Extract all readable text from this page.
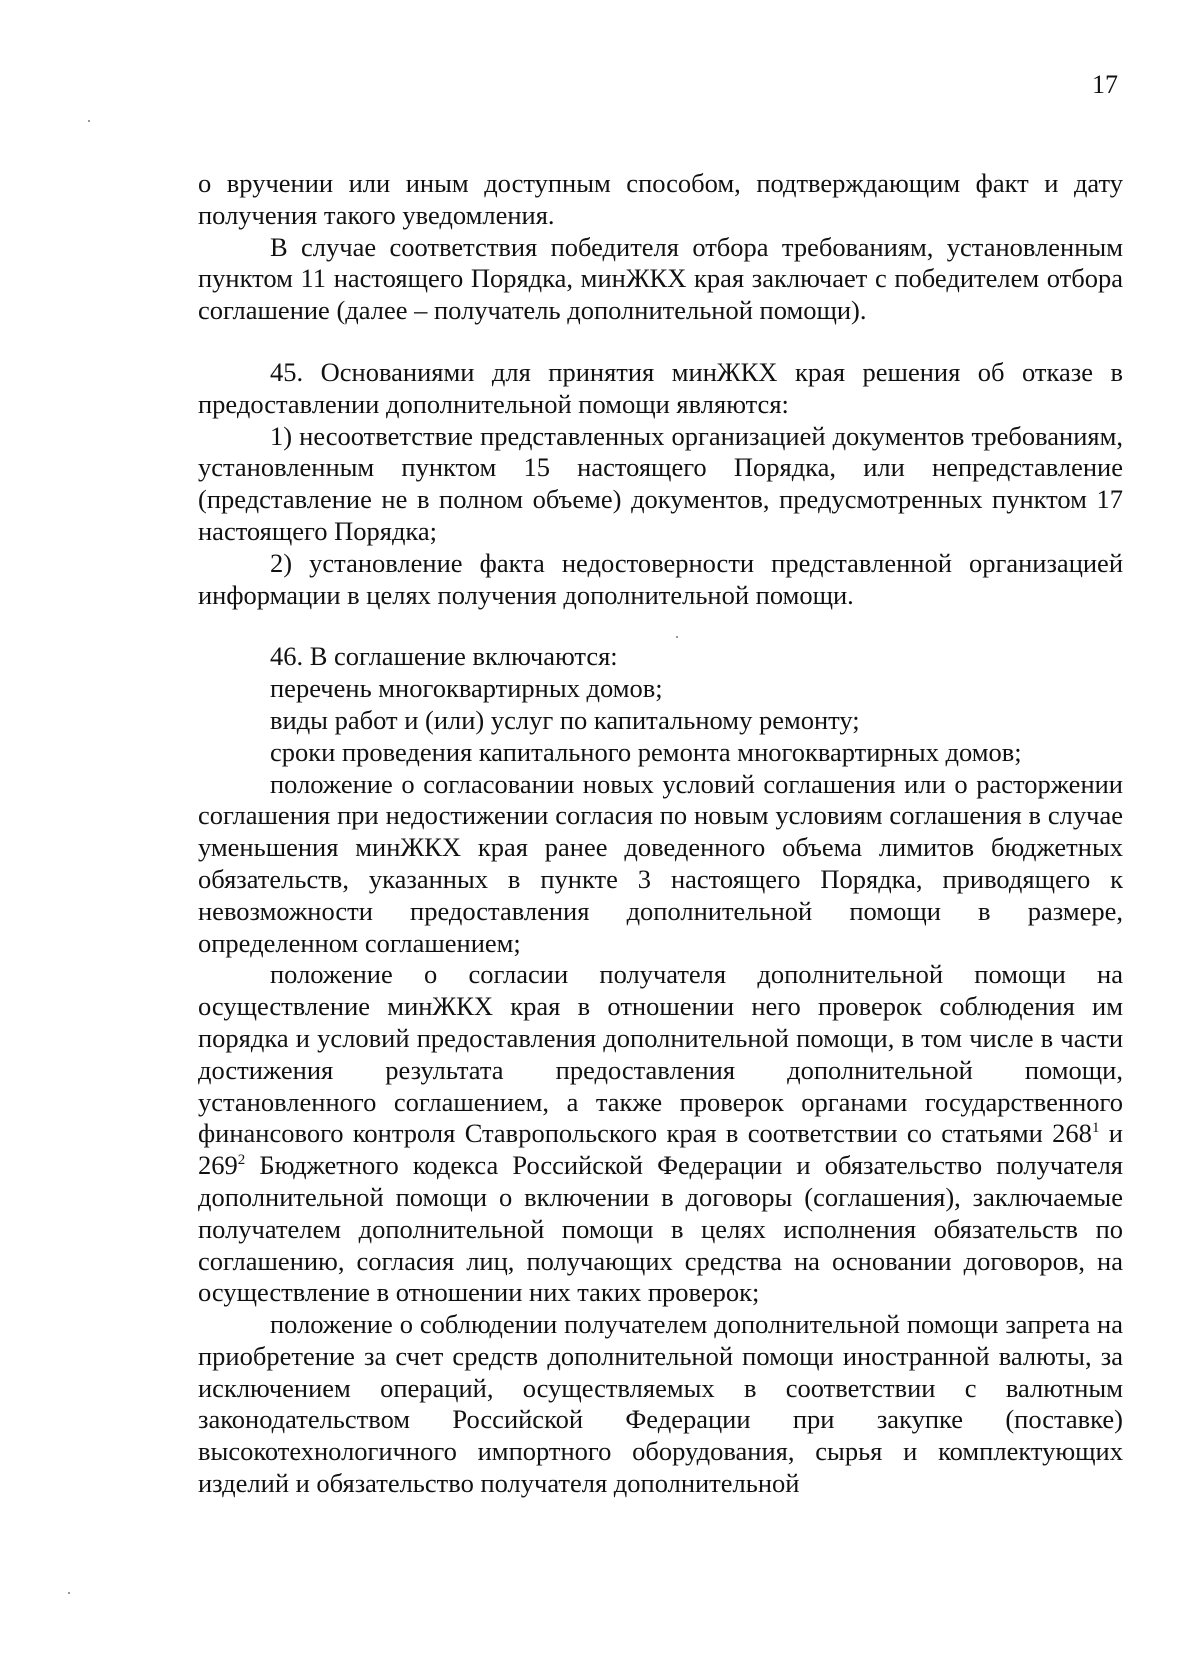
17

о вручении или иным доступным способом, подтверждающим факт и дату получения такого уведомления.

В случае соответствия победителя отбора требованиям, установленным пунктом 11 настоящего Порядка, минЖКХ края заключает с победителем отбора соглашение (далее – получатель дополнительной помощи).

45. Основаниями для принятия минЖКХ края решения об отказе в предоставлении дополнительной помощи являются:

1) несоответствие представленных организацией документов требованиям, установленным пунктом 15 настоящего Порядка, или непредставление (представление не в полном объеме) документов, предусмотренных пунктом 17 настоящего Порядка;

2) установление факта недостоверности представленной организацией информации в целях получения дополнительной помощи.

46. В соглашение включаются:

перечень многоквартирных домов;

виды работ и (или) услуг по капитальному ремонту;

сроки проведения капитального ремонта многоквартирных домов;

положение о согласовании новых условий соглашения или о расторжении соглашения при недостижении согласия по новым условиям соглашения в случае уменьшения минЖКХ края ранее доведенного объема лимитов бюджетных обязательств, указанных в пункте 3 настоящего Порядка, приводящего к невозможности предоставления дополнительной помощи в размере, определенном соглашением;

положение о согласии получателя дополнительной помощи на осуществление минЖКХ края в отношении него проверок соблюдения им порядка и условий предоставления дополнительной помощи, в том числе в части достижения результата предоставления дополнительной помощи, установленного соглашением, а также проверок органами государственного финансового контроля Ставропольского края в соответствии со статьями $268^1$ и $269^2$ Бюджетного кодекса Российской Федерации и обязательство получателя дополнительной помощи о включении в договоры (соглашения), заключаемые получателем дополнительной помощи в целях исполнения обязательств по соглашению, согласия лиц, получающих средства на основании договоров, на осуществление в отношении них таких проверок;

положение о соблюдении получателем дополнительной помощи запрета на приобретение за счет средств дополнительной помощи иностранной валюты, за исключением операций, осуществляемых в соответствии с валютным законодательством Российской Федерации при закупке (поставке) высокотехнологичного импортного оборудования, сырья и комплектующих изделий и обязательство получателя дополнительной
